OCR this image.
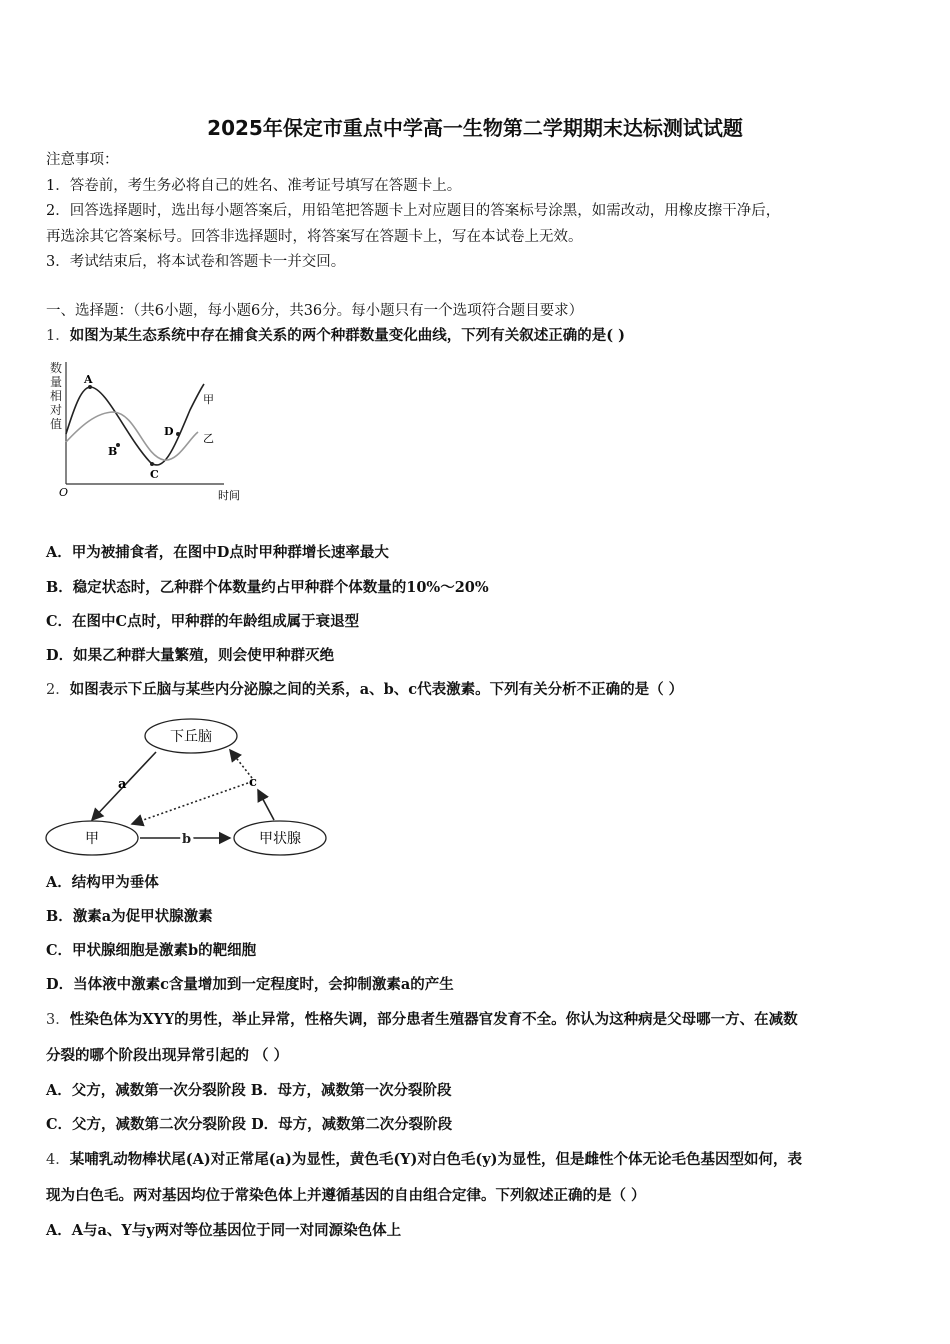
2025年保定市重点中学高一生物第二学期期末达标测试试题
注意事项：
1．答卷前，考生务必将自己的姓名、准考证号填写在答题卡上。
2．回答选择题时，选出每小题答案后，用铅笔把答题卡上对应题目的答案标号涂黑，如需改动，用橡皮擦干净后，
再选涂其它答案标号。回答非选择题时，将答案写在答题卡上，写在本试卷上无效。
3．考试结束后，将本试卷和答题卡一并交回。
一、选择题：（共6小题，每小题6分，共36分。每小题只有一个选项符合题目要求）
1．如图为某生态系统中存在捕食关系的两个种群数量变化曲线，下列有关叙述正确的是( )
数
量
相
对
值
O	时间
A
B
C
D
甲
乙
A．甲为被捕食者，在图中D点时甲种群增长速率最大
B．稳定状态时，乙种群个体数量约占甲种群个体数量的10%～20%
C．在图中C点时，甲种群的年龄组成属于衰退型
D．如果乙种群大量繁殖，则会使甲种群灭绝
2．如图表示下丘脑与某些内分泌腺之间的关系，a、b、c代表激素。下列有关分析不正确的是（ ）
下丘脑
甲	甲状腺
a
b
c
A．结构甲为垂体
B．激素a为促甲状腺激素
C．甲状腺细胞是激素b的靶细胞
D．当体液中激素c含量增加到一定程度时，会抑制激素a的产生
3．性染色体为XYY的男性，举止异常，性格失调，部分患者生殖器官发育不全。你认为这种病是父母哪一方、在减数
分裂的哪个阶段出现异常引起的 （ ）
A．父方，减数第一次分裂阶段 B．母方，减数第一次分裂阶段
C．父方，减数第二次分裂阶段 D．母方，减数第二次分裂阶段
4．某哺乳动物棒状尾(A)对正常尾(a)为显性，黄色毛(Y)对白色毛(y)为显性，但是雌性个体无论毛色基因型如何，表
现为白色毛。两对基因均位于常染色体上并遵循基因的自由组合定律。下列叙述正确的是（ ）
A．A与a、Y与y两对等位基因位于同一对同源染色体上
